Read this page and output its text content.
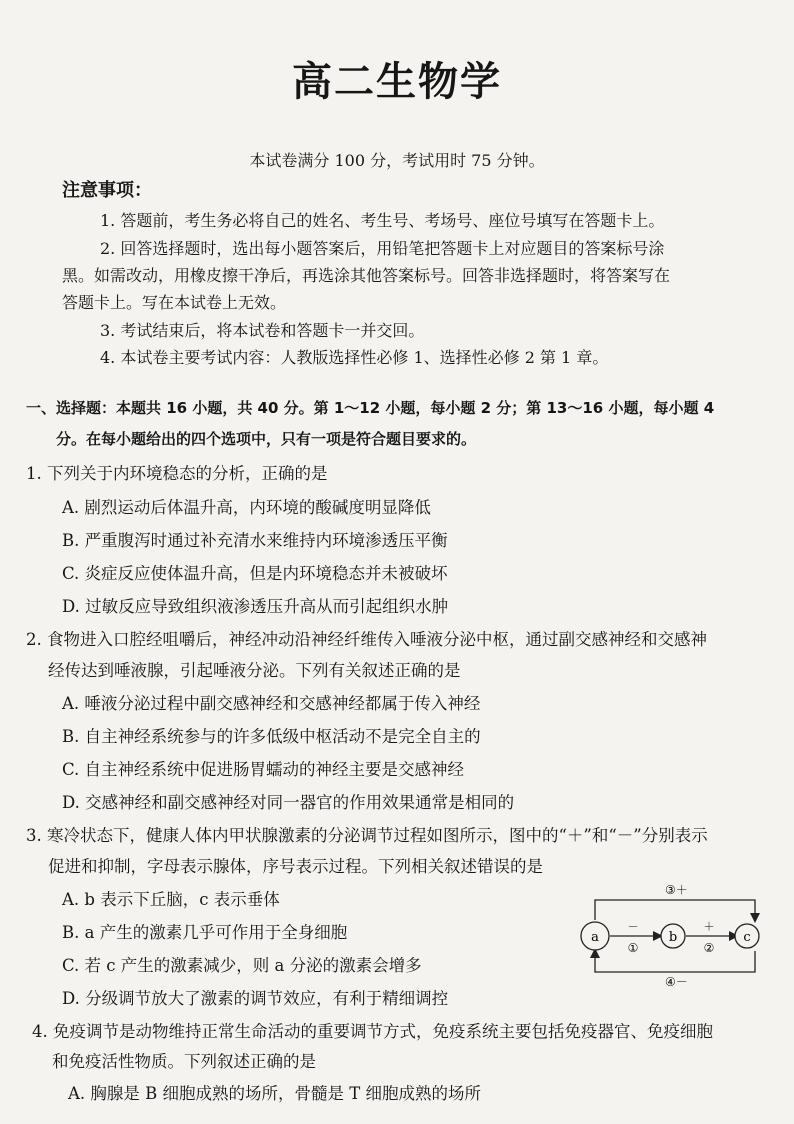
高二生物学
本试卷满分 100 分，考试用时 75 分钟。
注意事项：
1. 答题前，考生务必将自己的姓名、考生号、考场号、座位号填写在答题卡上。
2. 回答选择题时，选出每小题答案后，用铅笔把答题卡上对应题目的答案标号涂
黑。如需改动，用橡皮擦干净后，再选涂其他答案标号。回答非选择题时，将答案写在
答题卡上。写在本试卷上无效。
3. 考试结束后，将本试卷和答题卡一并交回。
4. 本试卷主要考试内容：人教版选择性必修 1、选择性必修 2 第 1 章。
一、选择题：本题共 16 小题，共 40 分。第 1～12 小题，每小题 2 分；第 13～16 小题，每小题 4
分。在每小题给出的四个选项中，只有一项是符合题目要求的。
1. 下列关于内环境稳态的分析，正确的是
A. 剧烈运动后体温升高，内环境的酸碱度明显降低
B. 严重腹泻时通过补充清水来维持内环境渗透压平衡
C. 炎症反应使体温升高，但是内环境稳态并未被破坏
D. 过敏反应导致组织液渗透压升高从而引起组织水肿
2. 食物进入口腔经咀嚼后，神经冲动沿神经纤维传入唾液分泌中枢，通过副交感神经和交感神
经传达到唾液腺，引起唾液分泌。下列有关叙述正确的是
A. 唾液分泌过程中副交感神经和交感神经都属于传入神经
B. 自主神经系统参与的许多低级中枢活动不是完全自主的
C. 自主神经系统中促进肠胃蠕动的神经主要是交感神经
D. 交感神经和副交感神经对同一器官的作用效果通常是相同的
3. 寒冷状态下，健康人体内甲状腺激素的分泌调节过程如图所示，图中的“＋”和“－”分别表示
促进和抑制，字母表示腺体，序号表示过程。下列相关叙述错误的是
A. b 表示下丘脑，c 表示垂体
B. a 产生的激素几乎可作用于全身细胞
C. 若 c 产生的激素减少，则 a 分泌的激素会增多
D. 分级调节放大了激素的调节效应，有利于精细调控
a	b	c
－
①
＋
②
③＋
④－
4. 免疫调节是动物维持正常生命活动的重要调节方式，免疫系统主要包括免疫器官、免疫细胞
和免疫活性物质。下列叙述正确的是
A. 胸腺是 B 细胞成熟的场所，骨髓是 T 细胞成熟的场所
